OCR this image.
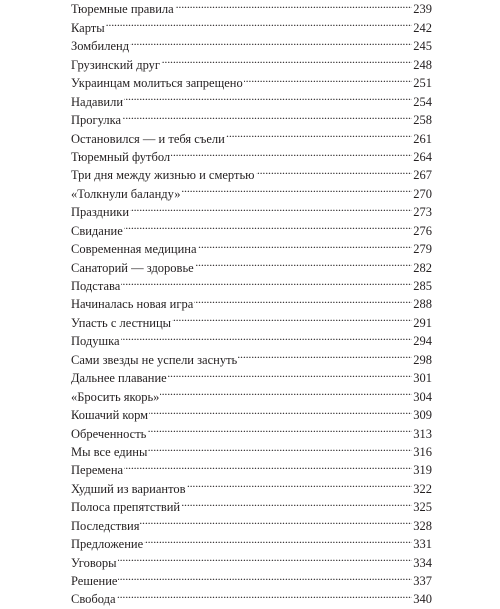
Тюремные правила . . .	239
Карты . . .	242
Зомбиленд . . .	245
Грузинский друг . . .	248
Украинцам молиться запрещено . . .	251
Надавили . . .	254
Прогулка . . .	258
Остановился — и тебя съели . . .	261
Тюремный футбол . . .	264
Три дня между жизнью и смертью . . .	267
«Толкнули баланду» . . .	270
Праздники . . .	273
Свидание . . .	276
Современная медицина . . .	279
Санаторий — здоровье . . .	282
Подстава . . .	285
Начиналась новая игра . . .	288
Упасть с лестницы . . .	291
Подушка . . .	294
Сами звезды не успели заснуть . . .	298
Дальнее плавание . . .	301
«Бросить якорь» . . .	304
Кошачий корм . . .	309
Обреченность . . .	313
Мы все едины . . .	316
Перемена . . .	319
Худший из вариантов . . .	322
Полоса препятствий . . .	325
Последствия . . .	328
Предложение . . .	331
Уговоры . . .	334
Решение . . .	337
Свобода . . .	340
